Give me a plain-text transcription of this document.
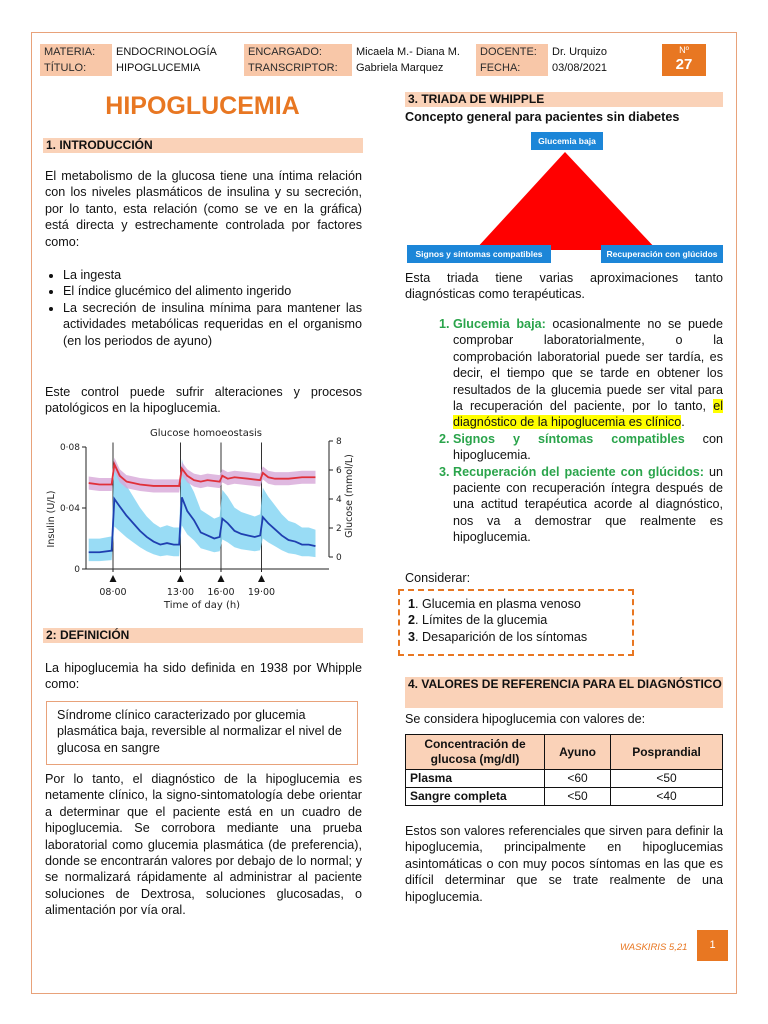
MATERIA:	ENDOCRINOLOGÍA	ENCARGADO:	Micaela M.- Diana M.	DOCENTE:	Dr. Urquizo
TÍTULO:	HIPOGLUCEMIA	TRANSCRIPTOR:	Gabriela Marquez	FECHA:	03/08/2021
Nº
27
HIPOGLUCEMIA
1. INTRODUCCIÓN
El metabolismo de la glucosa tiene una íntima relación con los niveles plasmáticos de insulina y su secreción, por lo tanto, esta relación (como se ve en la gráfica) está directa y estrechamente controlada por factores como:
• La ingesta
• El índice glucémico del alimento ingerido
• La secreción de insulina mínima para mantener las actividades metabólicas requeridas en el organismo (en los periodos de ayuno)
Este control puede sufrir alteraciones y procesos patológicos en la hipoglucemia.
Glucose homoeostasis
0·08
0·04
0
8
6
4
2
0
08·00	13·00 16·00 19·00
Time of day (h)
Insulin (U/L)	Glucose (mmol/L)
2: DEFINICIÓN
La hipoglucemia ha sido definida en 1938 por Whipple como:
Síndrome clínico caracterizado por glucemia plasmática baja, reversible al normalizar el nivel de glucosa en sangre
Por lo tanto, el diagnóstico de la hipoglucemia es netamente clínico, la signo-sintomatología debe orientar a determinar que el paciente está en un cuadro de hipoglucemia. Se corrobora mediante una prueba laboratorial como glucemia plasmática (de preferencia), donde se encontrarán valores por debajo de lo normal; y se normalizará rápidamente al administrar al paciente soluciones de Dextrosa, soluciones glucosadas, o alimentación por vía oral.
3. TRIADA DE WHIPPLE
Concepto general para pacientes sin diabetes
Glucemia baja
Signos y síntomas compatibles	Recuperación con glúcidos
Esta triada tiene varias aproximaciones tanto diagnósticas como terapéuticas.
1. Glucemia baja: ocasionalmente no se puede comprobar laboratorialmente, o la comprobación laboratorial puede ser tardía, es decir, el tiempo que se tarde en obtener los resultados de la glucemia puede ser vital para la recuperación del paciente, por lo tanto, el diagnóstico de la hipoglucemia es clínico.
2. Signos y síntomas compatibles con hipoglucemia.
3. Recuperación del paciente con glúcidos: un paciente con recuperación íntegra después de una actitud terapéutica acorde al diagnóstico, nos va a demostrar que realmente es hipoglucemia.
Considerar:
1. Glucemia en plasma venoso
2. Límites de la glucemia
3. Desaparición de los síntomas
4. VALORES DE REFERENCIA PARA EL DIAGNÓSTICO
Se considera hipoglucemia con valores de:
Concentración de glucosa (mg/dl)	Ayuno	Posprandial
Plasma	<60	<50
Sangre completa	<50	<40
Estos son valores referenciales que sirven para definir la hipoglucemia, principalmente en hipoglucemias asintomáticas o con muy pocos síntomas en las que es difícil determinar que se trate realmente de una hipoglucemia.
WASKIRIS 5,21	1
